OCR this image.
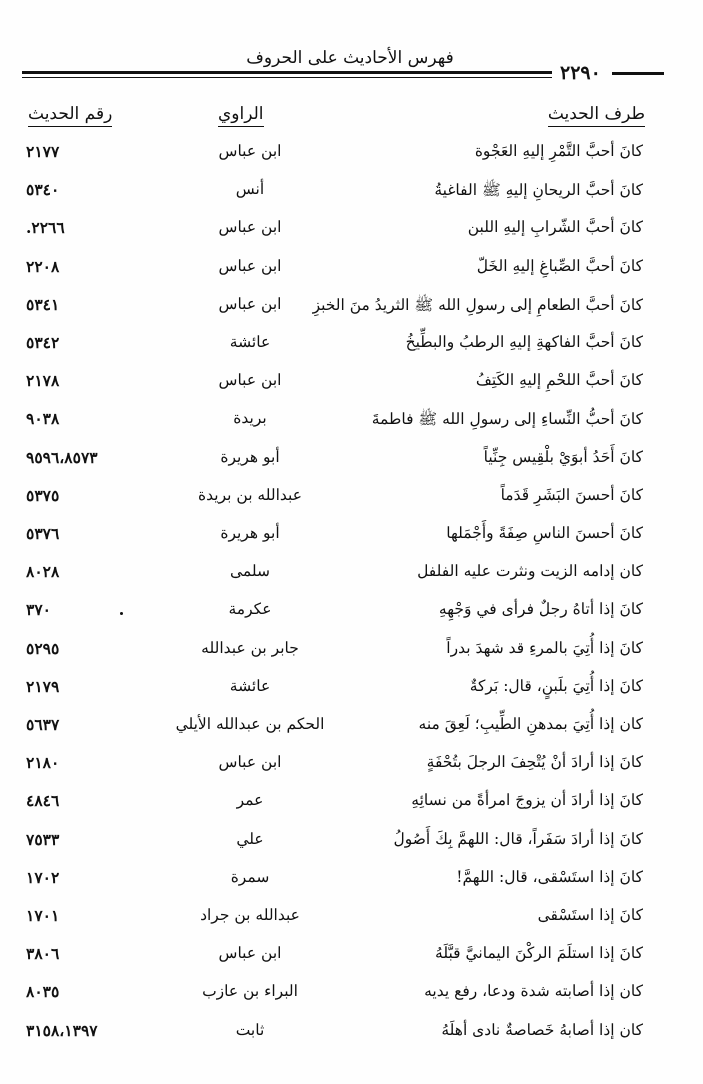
فهرس الأحاديث على الحروف
٢٢٩٠
طرف الحديث
الراوي
رقم الحديث
كانَ أحبَّ التَّمْرِ إليهِ العَجْوة
ابن عباس
٢١٧٧
كانَ أحبَّ الريحانِ إليهِ ﷺ الفاغيةُ
أنس
٥٣٤٠
كانَ أحبَّ الشّرابِ إليهِ اللبن
ابن عباس
٢٢٦٦.
كانَ أحبَّ الصِّباغِ إليهِ الخَلّ
ابن عباس
٢٢٠٨
كانَ أحبَّ الطعامِ إلى رسولِ الله ﷺ الثريدُ منَ الخبزِ
ابن عباس
٥٣٤١
كانَ أحبَّ الفاكهةِ إليهِ الرطبُ والبطِّيخُ
عائشة
٥٣٤٢
كانَ أحبَّ اللحْمِ إليهِ الكَتِفُ
ابن عباس
٢١٧٨
كانَ أحبُّ النِّساءِ إلى رسولِ الله ﷺ فاطمةَ
بريدة
٩٠٣٨
كانَ أَحَدُ أبوَيْ بلْقِيس جِنِّياً
أبو هريرة
٩٥٩٦،٨٥٧٣
كانَ أحسنَ البَشَرِ قَدَماً
عبدالله بن بريدة
٥٣٧٥
كانَ أحسنَ الناسِ صِفَةً وأَجْمَلها
أبو هريرة
٥٣٧٦
كان إدامه الزيت ونثرت عليه الفلفل
سلمى
٨٠٢٨
كانَ إذا أتاهُ رجلٌ فرأى في وَجْهِهِ
عكرمة
٣٧٠
كانَ إذا أُتِيَ بالمرءِ قد شهدَ بدراً
جابر بن عبدالله
٥٢٩٥
كانَ إذا أُتِيَ بلَبنٍ، قال: بَركةٌ
عائشة
٢١٧٩
كان إذا أُتِيَ بمدهنِ الطِّيبِ؛ لَعِقَ منه
الحكم بن عبدالله الأيلي
٥٦٣٧
كانَ إذا أرادَ أنْ يُتْحِفَ الرجلَ بتُحْفَةٍ
ابن عباس
٢١٨٠
كانَ إذا أرادَ أن يزوجَ امرأةً من نسائِهِ
عمر
٤٨٤٦
كانَ إذا أرادَ سَفَراً، قال: اللهمَّ بِكَ أَصُولُ
علي
٧٥٣٣
كانَ إذا استَسْقى، قال: اللهمَّ!
سمرة
١٧٠٢
كانَ إذا استَسْقى
عبدالله بن جراد
١٧٠١
كانَ إذا استلَمَ الركْنَ اليمانيَّ قبَّلَهُ
ابن عباس
٣٨٠٦
كان إذا أصابته شدة ودعا، رفع يديه
البراء بن عازب
٨٠٣٥
كان إذا أصابهُ خَصاصةٌ نادى أهلَهُ
ثابت
٣١٥٨،١٣٩٧
